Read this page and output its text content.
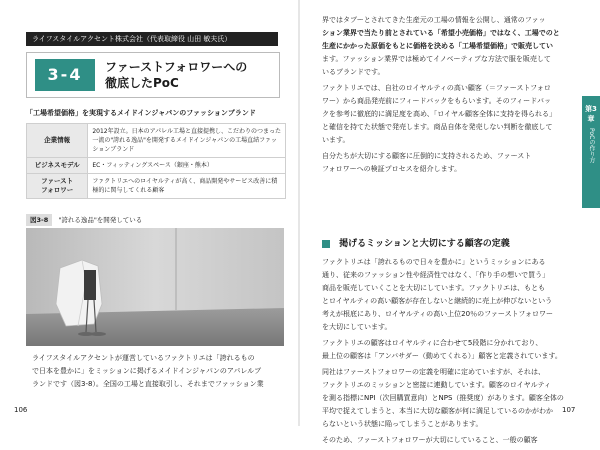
ライフスタイルアクセント株式会社（代表取締役 山田 敏夫氏）
3-4	ファーストフォロワーへの
徹底したPoC
「工場希望価格」を実現するメイドインジャパンのファッションブランド
企業情報	2012年設立。日本のアパレル工場と直接提携し、こだわりのつまった
一流の"誇れる逸品"を開発するメイドインジャパンの工場直結ファッ
ションブランド

ビジネスモデル	EC・フィッティングスペース（銀座・熊本）

ファースト
フォロワー	ファクトリエへのロイヤルティが高く、商品開発やサービス改善に積
極的に関与してくれる顧客
図3-8 "誇れる逸品"を開発している
ライフスタイルアクセントが運営しているファクトリエは「誇れるもの
で日本を豊かに」をミッションに掲げるメイドインジャパンのアパレルブ
ランドです（図3-8）。全国の工場と直接取引し、それまでファッション業
106
界ではタブーとされてきた生産元の工場の情報を公開し、通常のファッ
ション業界で当たり前とされている「希望小売価格」ではなく、工場でのと
生産にかかった原価をもとに価格を決める「工場希望価格」で販売してい
ます。ファッション業界では極めてイノベーティブな方法で服を販売して
いるブランドです。
ファクトリエでは、自社のロイヤルティの高い顧客（＝ファーストフォロ
ワー）から商品発売前にフィードバックをもらいます。そのフィードバッ
クを参考に徹底的に満足度を高め、「ロイヤル顧客全体に支持を得られる」
と確信を持てた状態で発売します。商品自体を発売しない判断を徹底して
います。
自分たちが大切にする顧客に圧倒的に支持されるため、ファースト
フォロワーへの検証プロセスを紹介します。
掲げるミッションと大切にする顧客の定義
ファクトリエは「誇れるもので日々を豊かに」というミッションにある
通り、従来のファッション性や経済性ではなく、「作り手の想いで買う」
商品を販売していくことを大切にしています。ファクトリエは、もとも
とロイヤルティの高い顧客が存在しないと継続的に売上が伸びないという
考えが根底にあり、ロイヤルティの高い上位20％のファーストフォロワー
を大切にしています。
ファクトリエの顧客はロイヤルティに合わせて5段階に分かれており、
最上位の顧客は「アンバサダー（動めてくれる）」顧客と定義されています。
同社はファーストフォロワーの定義を明確に定めていますが、それは、
ファクトリエのミッションと密接に連動しています。顧客のロイヤルティ
を測る指標にNPI（次回購買意向）とNPS（推奨度）があります。顧客全体の
平均で捉えてしまうと、本当に大切な顧客が何に満足しているのかがわか
らないという状態に陥ってしまうことがあります。
そのため、ファーストフォロワーが大切にしていること、一般の顧客
第3章
PoCの作り方
107
